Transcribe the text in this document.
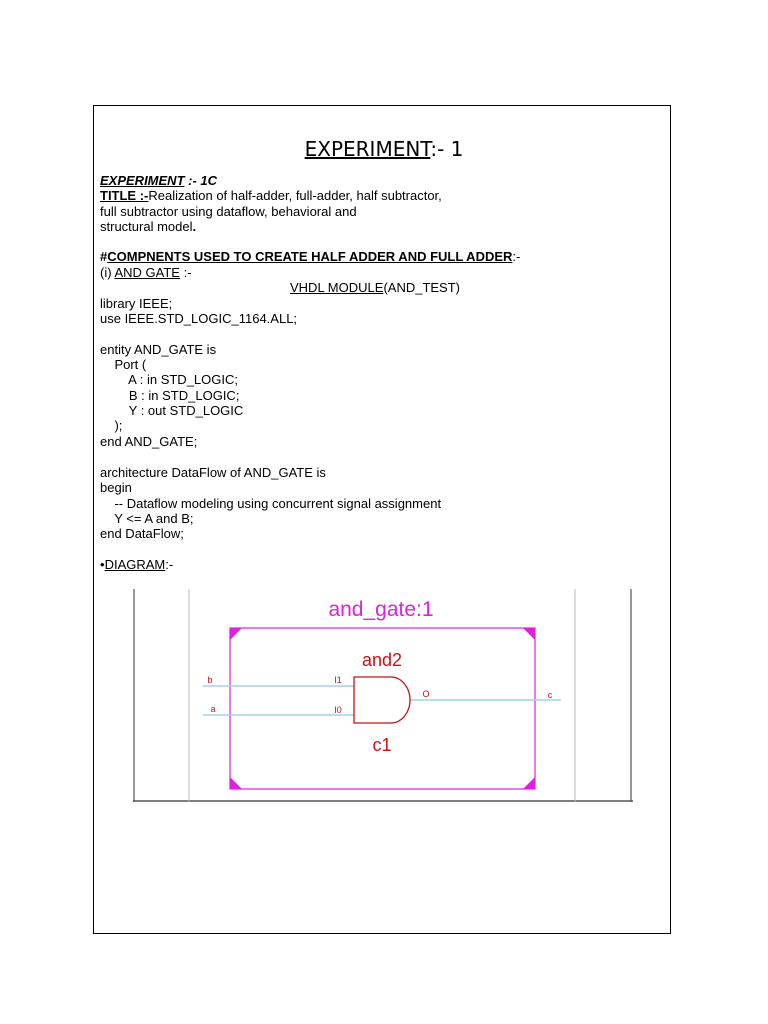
EXPERIMENT:- 1
EXPERIMENT :- 1C
TITLE :-Realization of half-adder, full-adder, half subtractor,
full subtractor using dataflow, behavioral and
structural model.
#COMPNENTS USED TO CREATE HALF ADDER AND FULL ADDER:-
(i) AND GATE :-
VHDL MODULE(AND_TEST)
library IEEE;
use IEEE.STD_LOGIC_1164.ALL;
entity AND_GATE is
Port (
A : in STD_LOGIC;
B : in STD_LOGIC;
Y : out STD_LOGIC
);
end AND_GATE;
architecture DataFlow of AND_GATE is
begin
-- Dataflow modeling using concurrent signal assignment
Y <= A and B;
end DataFlow;
•DIAGRAM:-
and_gate:1
and2
b
a
c
I1
I0
O
c1
